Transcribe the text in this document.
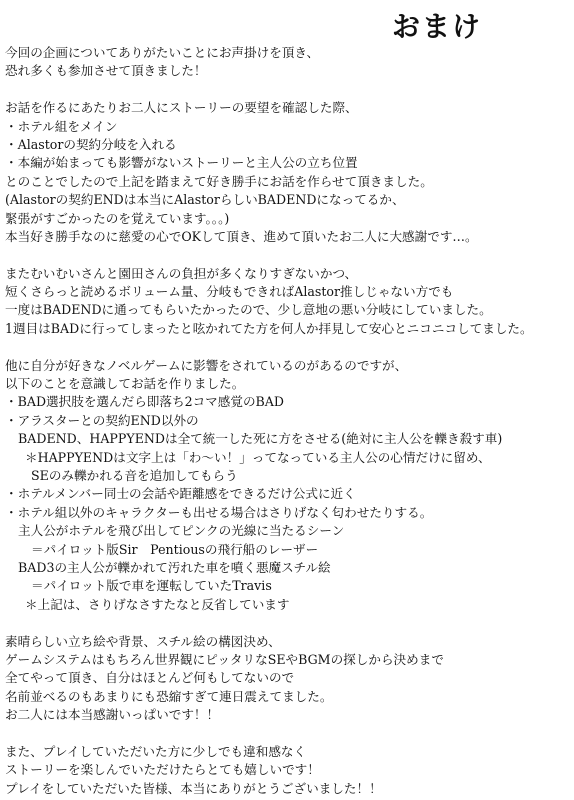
おまけ
今回の企画についてありがたいことにお声掛けを頂き、
恐れ多くも参加させて頂きました！
お話を作るにあたりお二人にストーリーの要望を確認した際、
・ホテル組をメイン
・Alastorの契約分岐を入れる
・本編が始まっても影響がないストーリーと主人公の立ち位置
とのことでしたので上記を踏まえて好き勝手にお話を作らせて頂きました。
(Alastorの契約ENDは本当にAlastorらしいBADENDになってるか、
緊張がすごかったのを覚えています。。。)
本当好き勝手なのに慈愛の心でOKして頂き、進めて頂いたお二人に大感謝です…。
またむいむいさんと園田さんの負担が多くなりすぎないかつ、
短くさらっと読めるボリューム量、分岐もできればAlastor推しじゃない方でも
一度はBADENDに通ってもらいたかったので、少し意地の悪い分岐にしていました。
1週目はBADに行ってしまったと呟かれてた方を何人か拝見して安心とニコニコしてました。
他に自分が好きなノベルゲームに影響をされているのがあるのですが、
以下のことを意識してお話を作りました。
・BAD選択肢を選んだら即落ち2コマ感覚のBAD
・アラスターとの契約END以外の
BADEND、HAPPYENDは全て統一した死に方をさせる(絶対に主人公を轢き殺す車)
＊HAPPYENDは文字上は「わ～い！」ってなっている主人公の心情だけに留め、
SEのみ轢かれる音を追加してもらう
・ホテルメンバー同士の会話や距離感をできるだけ公式に近く
・ホテル組以外のキャラクターも出せる場合はさりげなく匂わせたりする。
主人公がホテルを飛び出してピンクの光線に当たるシーン
＝パイロット版Sir　Pentiousの飛行船のレーザー
BAD3の主人公が轢かれて汚れた車を噴く悪魔スチル絵
＝パイロット版で車を運転していたTravis
＊上記は、さりげなさすたなと反省しています
素晴らしい立ち絵や背景、スチル絵の構図決め、
ゲームシステムはもちろん世界観にピッタリなSEやBGMの探しから決めまで
全てやって頂き、自分はほとんど何もしてないので
名前並べるのもあまりにも恐縮すぎて連日震えてました。
お二人には本当感謝いっぱいです！！
また、プレイしていただいた方に少しでも違和感なく
ストーリーを楽しんでいただけたらとても嬉しいです！
プレイをしていただいた皆様、本当にありがとうございました！！
